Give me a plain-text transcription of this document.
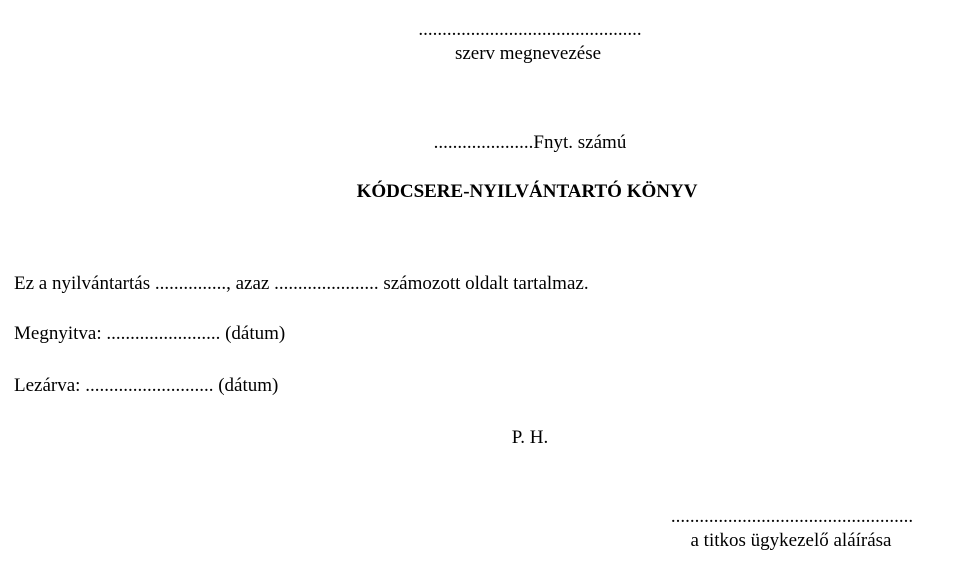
...............................................
szerv megnevezése
.....................Fnyt. számú
KÓDCSERE-NYILVÁNTARTÓ KÖNYV
Ez a nyilvántartás ..............., azaz ...................... számozott oldalt tartalmaz.
Megnyitva: ........................ (dátum)
Lezárva: ........................... (dátum)
P. H.
...................................................
a titkos ügykezelő aláírása
